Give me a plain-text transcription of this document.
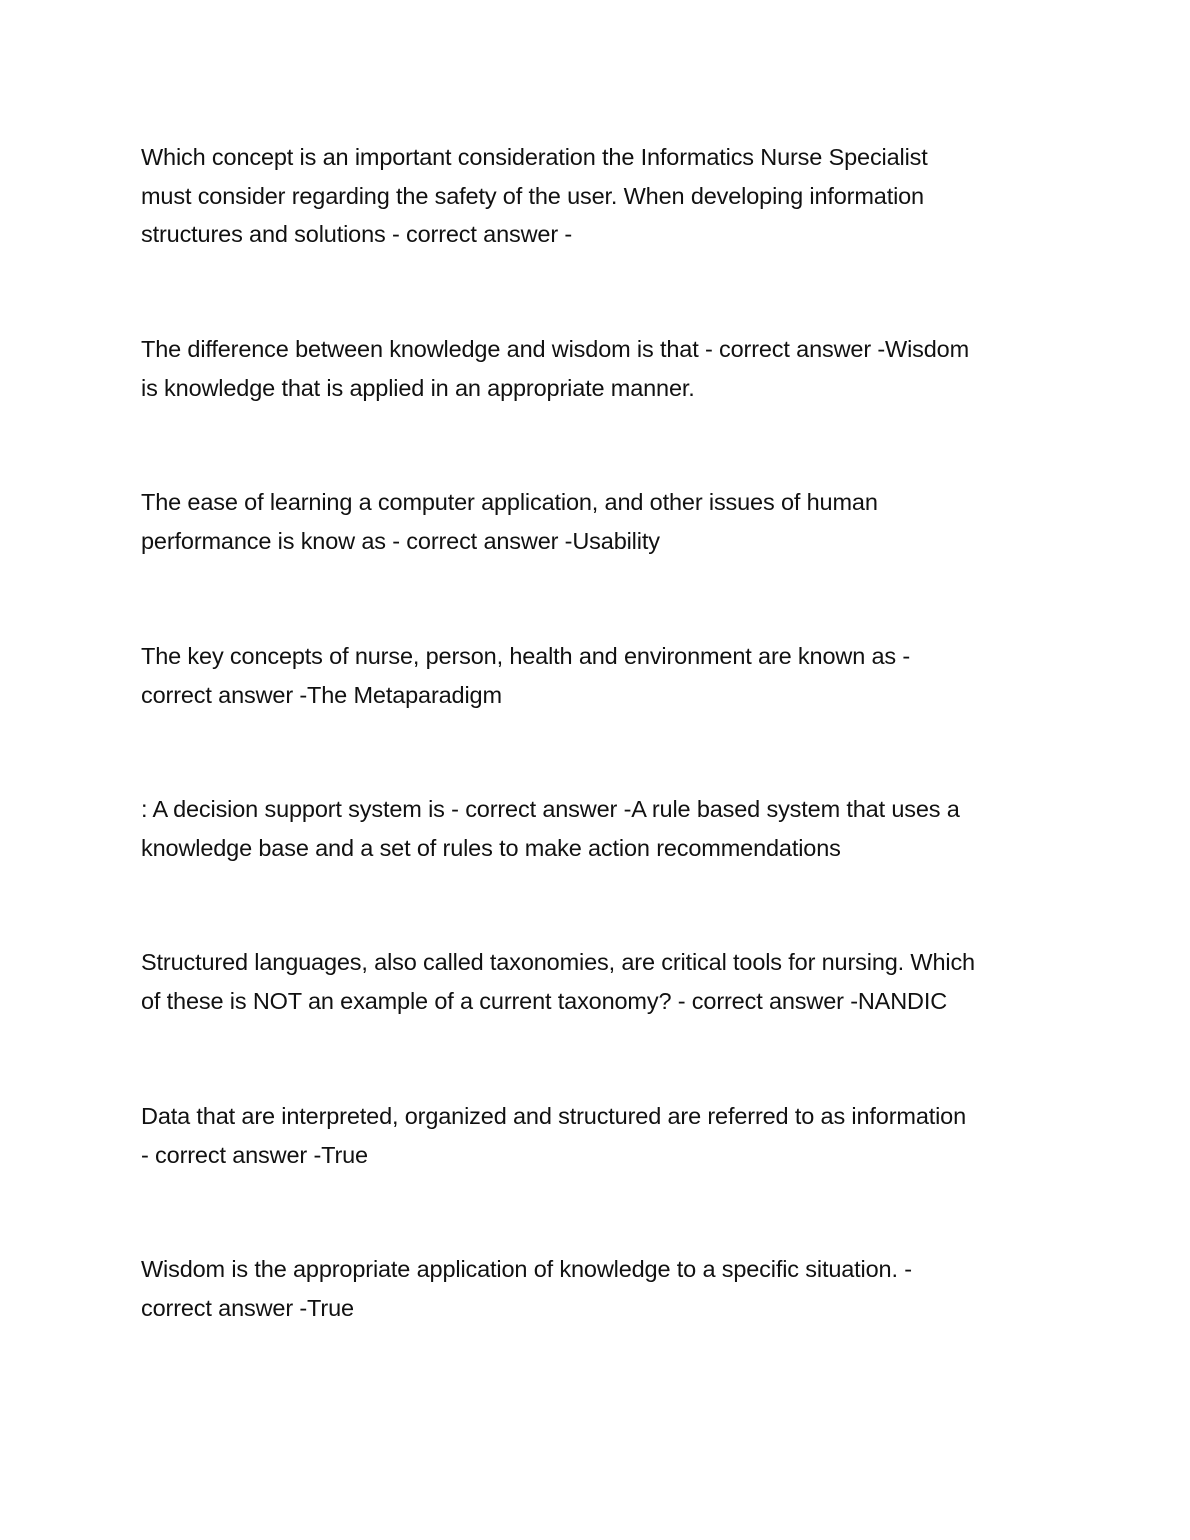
Which concept is an important consideration the Informatics Nurse Specialist
must consider regarding the safety of the user. When developing information
structures and solutions - correct answer -

The difference between knowledge and wisdom is that - correct answer -Wisdom
is knowledge that is applied in an appropriate manner.

The ease of learning a computer application, and other issues of human
performance is know as - correct answer -Usability

The key concepts of nurse, person, health and environment are known as -
correct answer -The Metaparadigm

: A decision support system is - correct answer -A rule based system that uses a
knowledge base and a set of rules to make action recommendations

Structured languages, also called taxonomies, are critical tools for nursing. Which
of these is NOT an example of a current taxonomy? - correct answer -NANDIC

Data that are interpreted, organized and structured are referred to as information
- correct answer -True

Wisdom is the appropriate application of knowledge to a specific situation. -
correct answer -True
